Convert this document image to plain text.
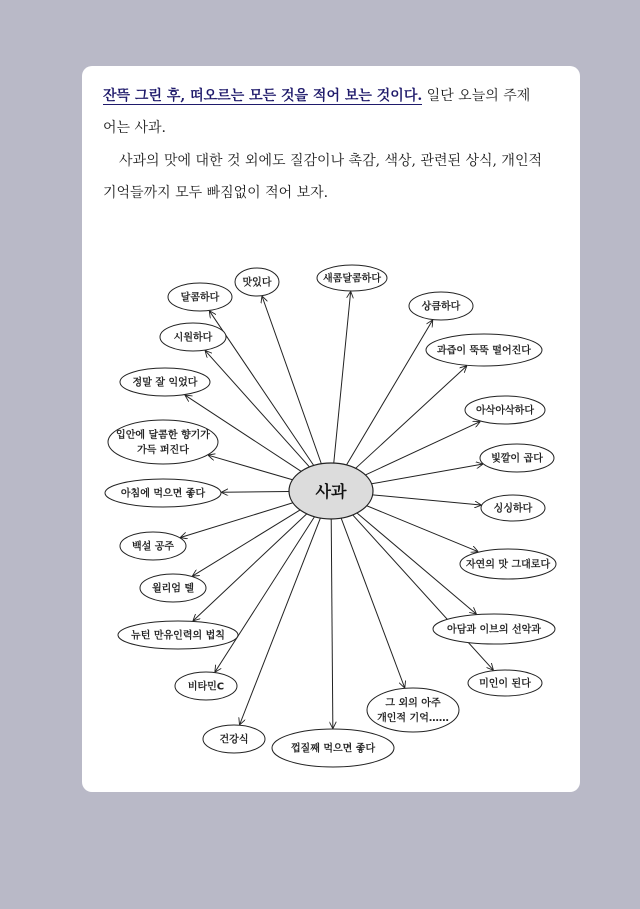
잔뜩 그린 후, 떠오르는 모든 것을 적어 보는 것이다. 일단 오늘의 주제
어는 사과.

사과의 맛에 대한 것 외에도 질감이나 촉감, 색상, 관련된 상식, 개인적
기억들까지 모두 빠짐없이 적어 보자.

맛있다	새콤달콤하다
달콤하다
상큼하다
시원하다
과즙이 뚝뚝 떨어진다
정말 잘 익었다
아삭아삭하다
입안에 달콤한 향기가
가득 퍼진다
빛깔이 곱다
아침에 먹으면 좋다
싱싱하다
백설 공주
자연의 맛 그대로다
윌리엄 텔
아담과 이브의 선악과
뉴턴 만유인력의 법칙
미인이 된다
비타민C
그 외의 아주
개인적 기억……
건강식
껍질째 먹으면 좋다
사과
